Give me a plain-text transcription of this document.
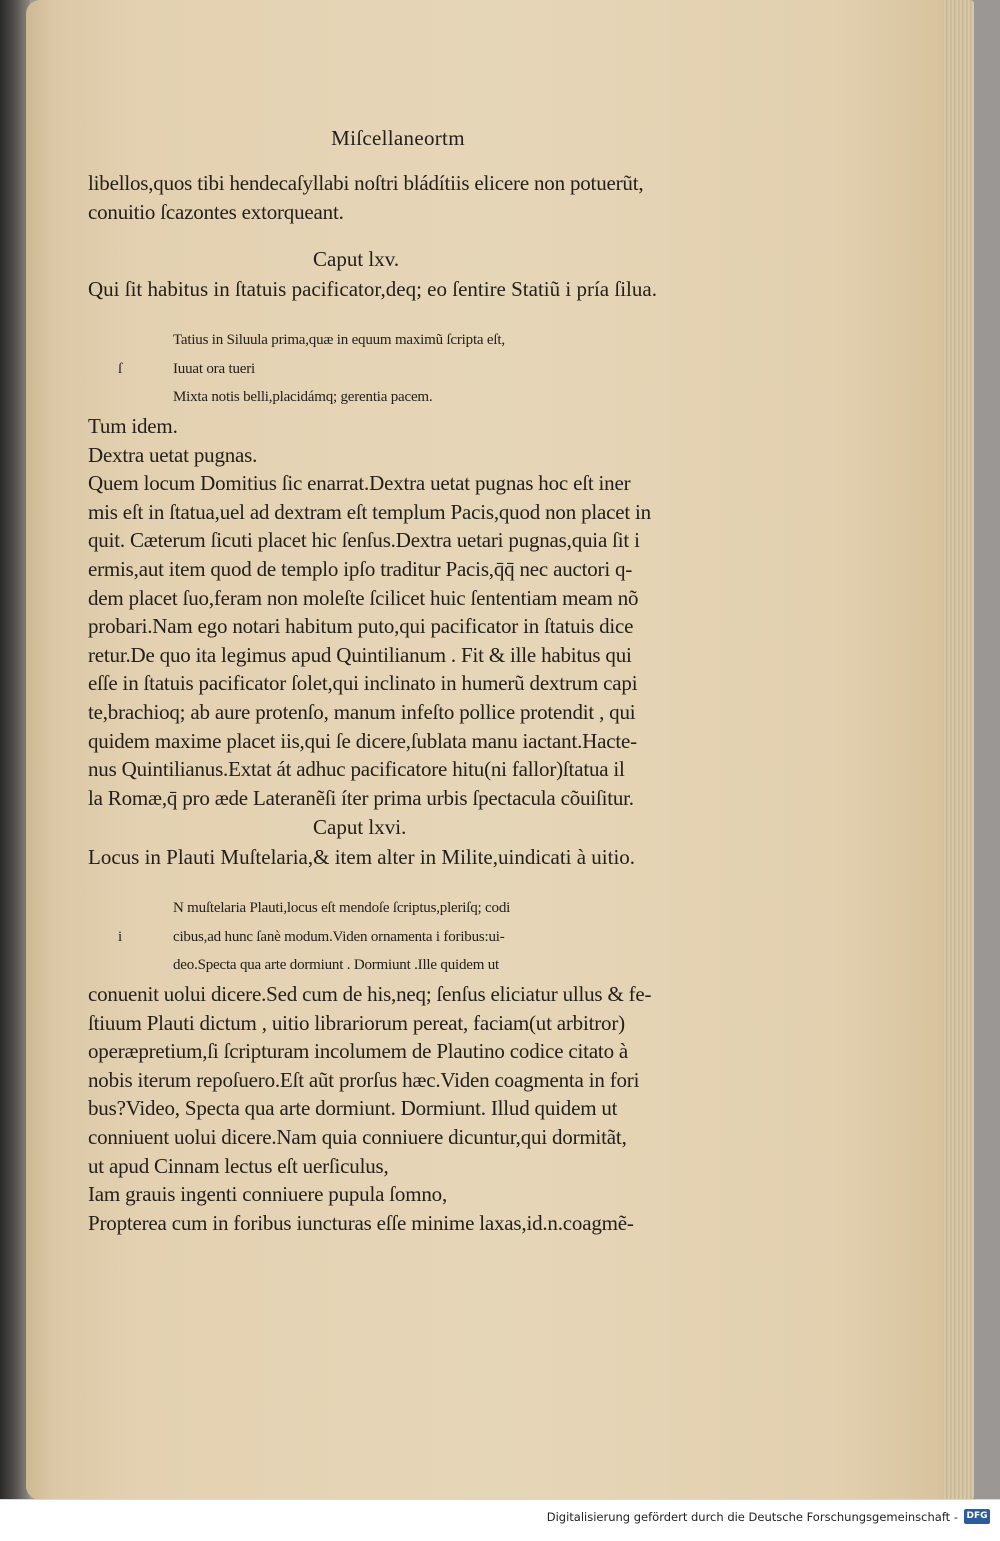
Miſcellaneortm
libellos,quos tibi hendecaſyllabi noſtri bládítiis elicere non potuerũt,
conuitio ſcazontes extorqueant.
Caput lxv.
Qui ſit habitus in ſtatuis pacificator,deq; eo ſentire Statiũ i pría ſilua.
Tatius in Siluula prima,quæ in equum maximũ ſcripta eſt,
ſ	Iuuat ora tueri
Mixta notis belli,placidámq; gerentia pacem.
Tum idem.
Dextra uetat pugnas.
Quem locum Domitius ſic enarrat.Dextra uetat pugnas hoc eſt iner
mis eſt in ſtatua,uel ad dextram eſt templum Pacis,quod non placet in
quit. Cæterum ſicuti placet hic ſenſus.Dextra uetari pugnas,quia ſit i
ermis,aut item quod de templo ipſo traditur Pacis,q̄q̄ nec auctori q-
dem placet ſuo,feram non moleſte ſcilicet huic ſententiam meam nõ
probari.Nam ego notari habitum puto,qui pacificator in ſtatuis dice
retur.De quo ita legimus apud Quintilianum . Fit & ille habitus qui
eſſe in ſtatuis pacificator ſolet,qui inclinato in humerũ dextrum capi
te,brachioq; ab aure protenſo, manum infeſto pollice protendit , qui
quidem maxime placet iis,qui ſe dicere,ſublata manu iactant.Hacte-
nus Quintilianus.Extat át adhuc pacificatore hitu(ni fallor)ſtatua il
la Romæ,q̄ pro æde Lateranẽſi íter prima urbis ſpectacula cõuiſitur.
Caput lxvi.
Locus in Plauti Muſtelaria,& item alter in Milite,uindicati à uitio.
N muſtelaria Plauti,locus eſt mendoſe ſcriptus,pleriſq; codi
i	cibus,ad hunc ſanè modum.Viden ornamenta i foribus:ui-
deo.Specta qua arte dormiunt . Dormiunt .Ille quidem ut
conuenit uolui dicere.Sed cum de his,neq; ſenſus eliciatur ullus & fe-
ſtiuum Plauti dictum , uitio librariorum pereat, faciam(ut arbitror)
operæpretium,ſi ſcripturam incolumem de Plautino codice citato à
nobis iterum repoſuero.Eſt aũt prorſus hæc.Viden coagmenta in fori
bus?Video, Specta qua arte dormiunt. Dormiunt. Illud quidem ut
conniuent uolui dicere.Nam quia conniuere dicuntur,qui dormitãt,
ut apud Cinnam lectus eſt uerſiculus,
Iam grauis ingenti conniuere pupula ſomno,
Propterea cum in foribus iuncturas eſſe minime laxas,id.n.coagmẽ-
Digitalisierung gefördert durch die Deutsche Forschungsgemeinschaft - DFG
